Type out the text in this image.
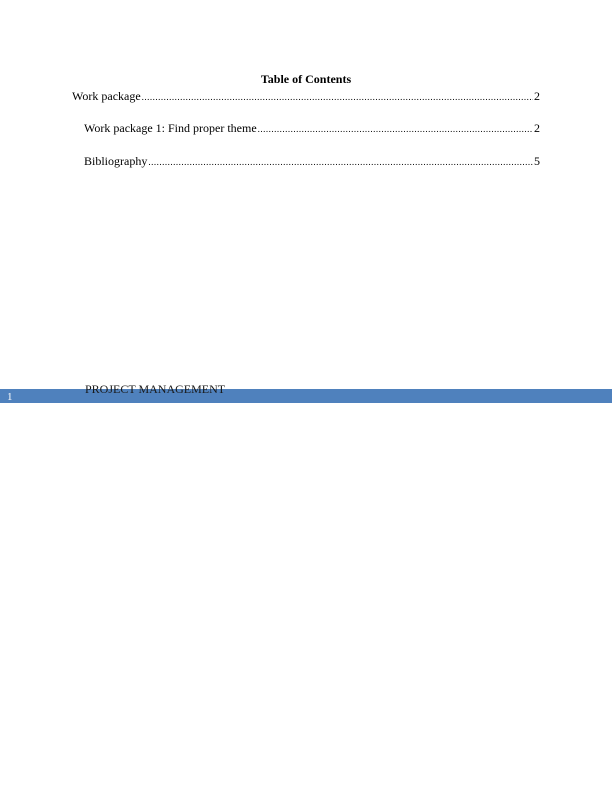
Table of Contents
Work package .....	2
Work package 1: Find proper theme .....	2
Bibliography .....	5
PROJECT MANAGEMENT
1
